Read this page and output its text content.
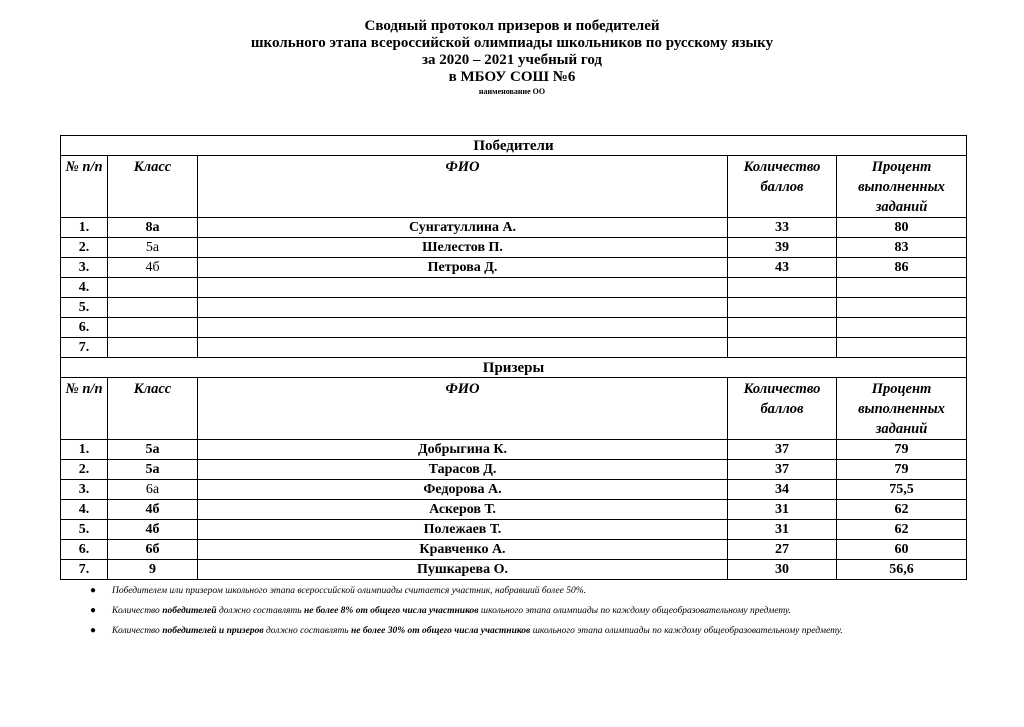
Сводный протокол призеров и победителей
школьного этапа всероссийской олимпиады школьников по русскому языку
за 2020 – 2021 учебный год
в МБОУ СОШ №6
наименование ОО
Победители				
№ п/п	Класс	ФИО	Количество баллов	Процент выполненных заданий
1.	8а	Сунгатуллина А.	33	80
2.	5а	Шелестов П.	39	83
3.	4б	Петрова Д.	43	86
4.				
5.				
6.				
7.				
Призеры				
№ п/п	Класс	ФИО	Количество баллов	Процент выполненных заданий
1.	5а	Добрыгина К.	37	79
2.	5а	Тарасов Д.	37	79
3.	6а	Федорова А.	34	75,5
4.	4б	Аскеров Т.	31	62
5.	4б	Полежаев Т.	31	62
6.	6б	Кравченко А.	27	60
7.	9	Пушкарева О.	30	56,6
● Победителем или призером школьного этапа всероссийской олимпиады считается участник, набравший более 50%.
● Количество победителей должно составлять не более 8% от общего числа участников школьного этапа олимпиады по каждому общеобразовательному предмету.
● Количество победителей и призеров должно составлять не более 30% от общего числа участников школьного этапа олимпиады по каждому общеобразовательному предмету.
